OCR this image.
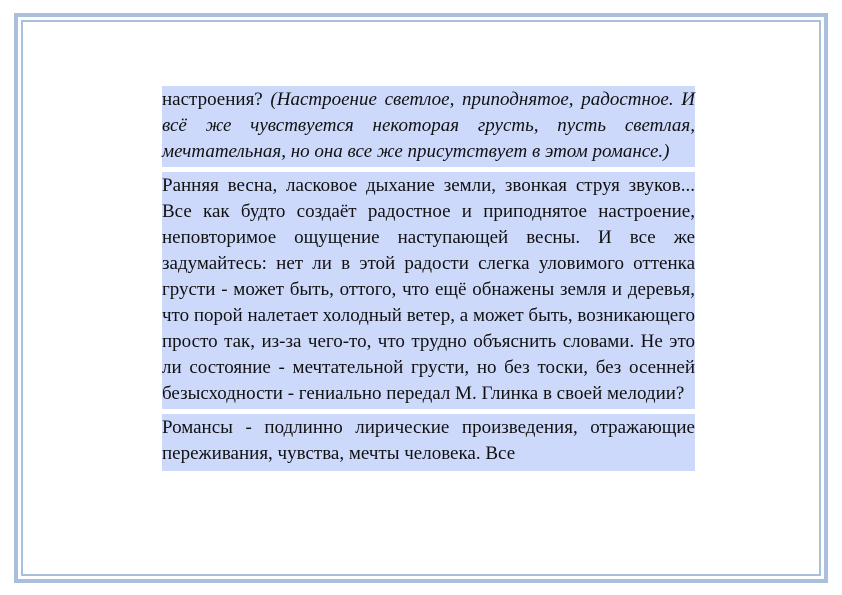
настроения? (Настроение светлое, приподнятое, радостное. И всё же чувствуется некоторая грусть, пусть светлая, мечтательная, но она все же присутствует в этом романсе.)

Ранняя весна, ласковое дыхание земли, звонкая струя звуков... Все как будто создаёт радостное и приподнятое настроение, неповторимое ощущение наступающей весны. И все же задумайтесь: нет ли в этой радости слегка уловимого оттенка грусти - может быть, оттого, что ещё обнажены земля и деревья, что порой налетает холодный ветер, а может быть, возникающего просто так, из-за чего-то, что трудно объяснить словами. Не это ли состояние - мечтательной грусти, но без тоски, без осенней безысходности - гениально передал М. Глинка в своей мелодии?

Романсы - подлинно лирические произведения, отражающие переживания, чувства, мечты человека. Все
